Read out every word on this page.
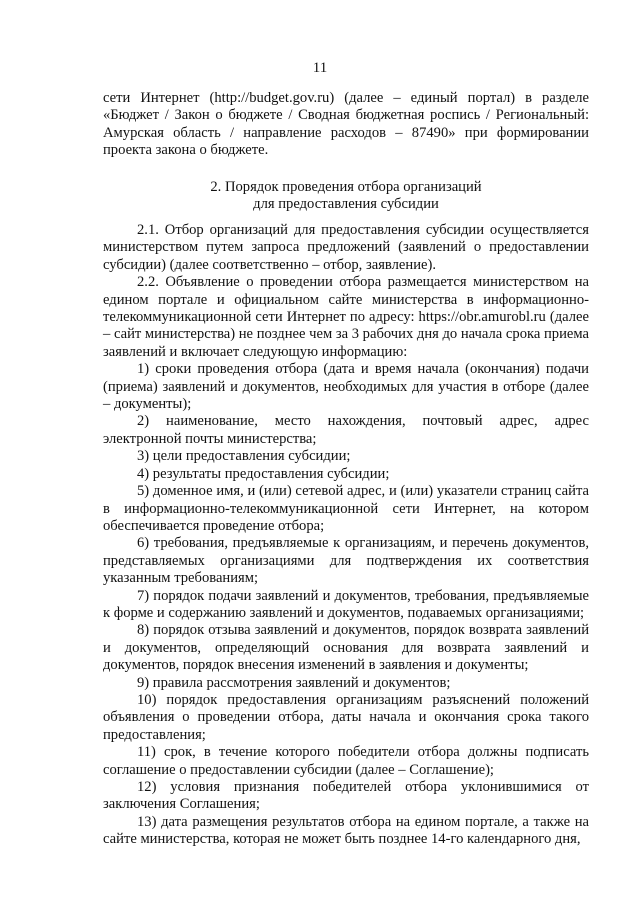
11
сети Интернет (http://budget.gov.ru) (далее – единый портал) в разделе «Бюджет / Закон о бюджете / Сводная бюджетная роспись / Региональный: Амурская область / направление расходов – 87490» при формировании проекта закона о бюджете.
2. Порядок проведения отбора организаций
для предоставления субсидии

2.1. Отбор организаций для предоставления субсидии осуществляется министерством путем запроса предложений (заявлений о предоставлении субсидии) (далее соответственно – отбор, заявление).

2.2. Объявление о проведении отбора размещается министерством на едином портале и официальном сайте министерства в информационно-телекоммуникационной сети Интернет по адресу: https://obr.amurobl.ru (далее – сайт министерства) не позднее чем за 3 рабочих дня до начала срока приема заявлений и включает следующую информацию:

1) сроки проведения отбора (дата и время начала (окончания) подачи (приема) заявлений и документов, необходимых для участия в отборе (далее – документы);

2) наименование, место нахождения, почтовый адрес, адрес электронной почты министерства;

3) цели предоставления субсидии;

4) результаты предоставления субсидии;

5) доменное имя, и (или) сетевой адрес, и (или) указатели страниц сайта в информационно-телекоммуникационной сети Интернет, на котором обеспечивается проведение отбора;

6) требования, предъявляемые к организациям, и перечень документов, представляемых организациями для подтверждения их соответствия указанным требованиям;

7) порядок подачи заявлений и документов, требования, предъявляемые к форме и содержанию заявлений и документов, подаваемых организациями;

8) порядок отзыва заявлений и документов, порядок возврата заявлений и документов, определяющий основания для возврата заявлений и документов, порядок внесения изменений в заявления и документы;

9) правила рассмотрения заявлений и документов;

10) порядок предоставления организациям разъяснений положений объявления о проведении отбора, даты начала и окончания срока такого предоставления;

11) срок, в течение которого победители отбора должны подписать соглашение о предоставлении субсидии (далее – Соглашение);

12) условия признания победителей отбора уклонившимися от заключения Соглашения;

13) дата размещения результатов отбора на едином портале, а также на сайте министерства, которая не может быть позднее 14-го календарного дня,
